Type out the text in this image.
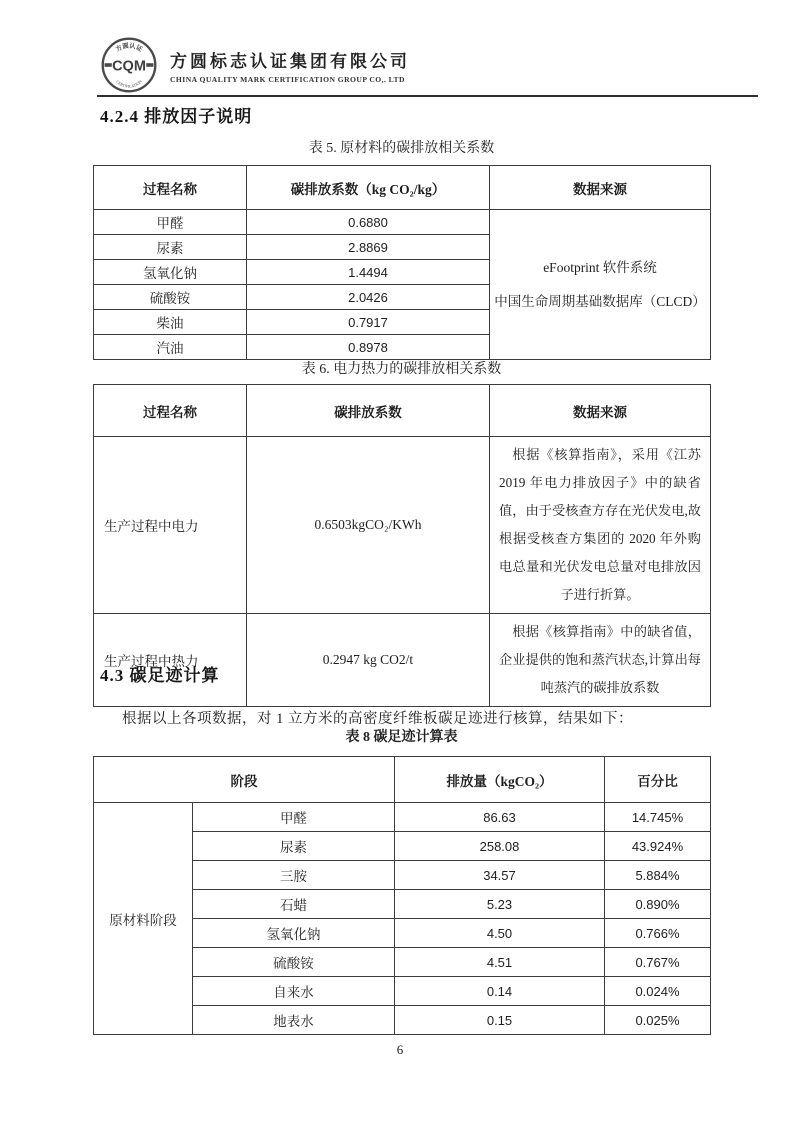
方圆认证
CQM
CERTIFICATION
方圆标志认证集团有限公司
CHINA QUALITY MARK CERTIFICATION GROUP CO,. LTD
4.2.4 排放因子说明
表 5. 原材料的碳排放相关系数
过程名称	碳排放系数（kg CO₂/kg）	数据来源
甲醛	0.6880	eFootprint 软件系统
中国生命周期基础数据库（CLCD）

尿素	2.8869	
氢氧化钠	1.4494	
硫酸铵	2.0426	
柴油	0.7917	
汽油	0.8978	
表 6. 电力热力的碳排放相关系数
过程名称	碳排放系数	数据来源
生产过程中电力	0.6503kgCO₂/KWh	根据《核算指南》，采用《江苏 2019 年电力排放因子》中的缺省值，由于受核查方存在光伏发电,故根据受核查方集团的 2020 年外购电总量和光伏发电总量对电排放因子进行折算。
生产过程中热力	0.2947 kg CO2/t	根据《核算指南》中的缺省值，企业提供的饱和蒸汽状态,计算出每吨蒸汽的碳排放系数
4.3 碳足迹计算

根据以上各项数据，对 1 立方米的高密度纤维板碳足迹进行核算，结果如下：

表 8 碳足迹计算表
阶段		排放量（kgCO₂）	百分比
原材料阶段	甲醛	86.63	14.745%
	尿素	258.08	43.924%
	三胺	34.57	5.884%
	石蜡	5.23	0.890%
	氢氧化钠	4.50	0.766%
	硫酸铵	4.51	0.767%
	自来水	0.14	0.024%
	地表水	0.15	0.025%
6
